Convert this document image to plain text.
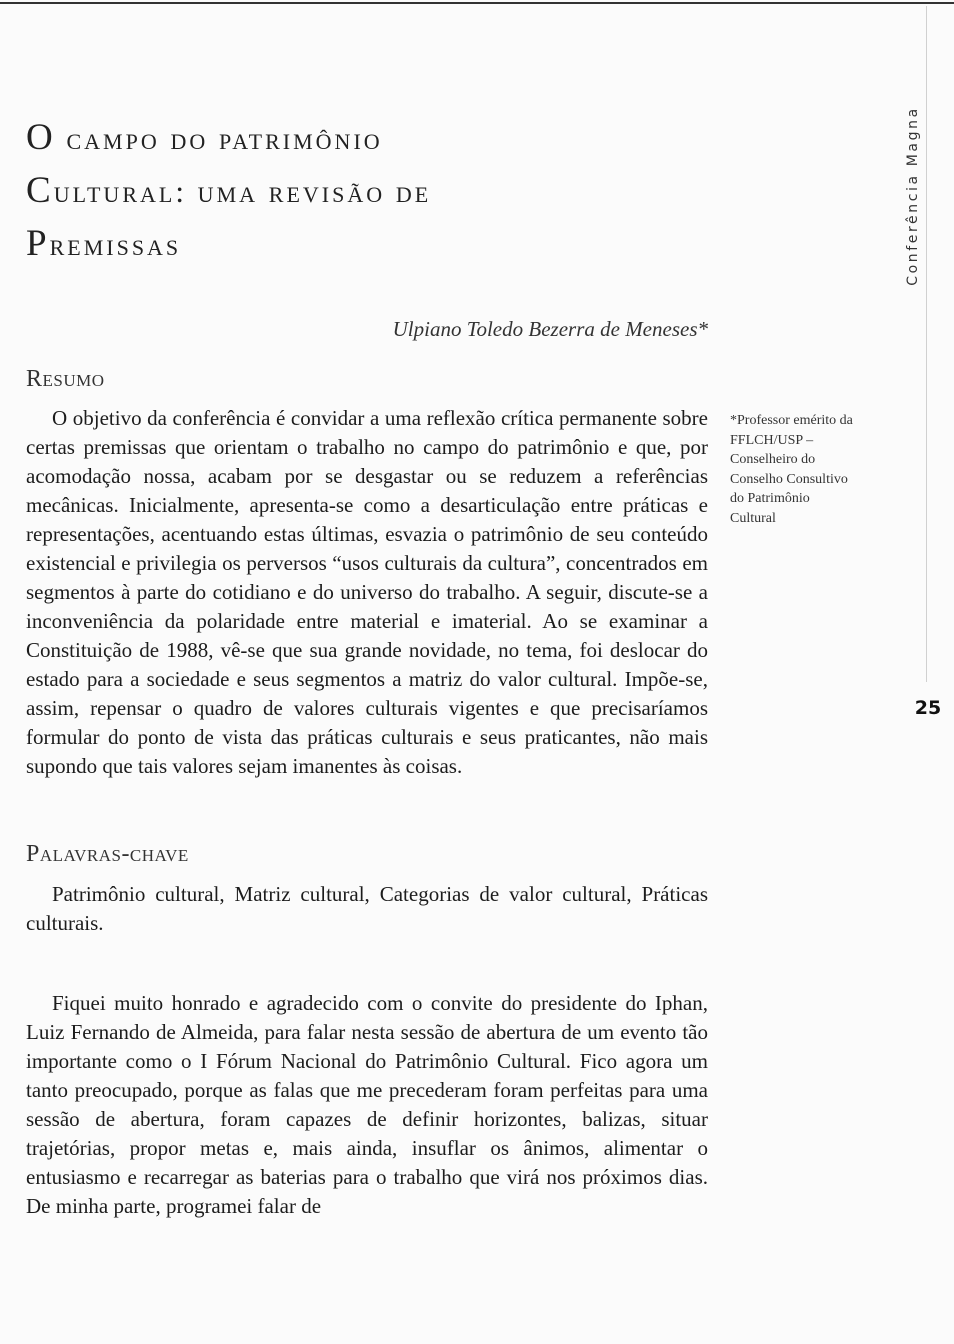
O campo do patrimônio
Cultural: uma revisão de
Premissas
Ulpiano Toledo Bezerra de Meneses*
Resumo

O objetivo da conferência é convidar a uma reflexão crítica permanente sobre certas premissas que orientam o trabalho no campo do patrimônio e que, por acomodação nossa, acabam por se desgastar ou se reduzem a referências mecânicas. Inicialmente, apresenta-se como a desarticulação entre práticas e representações, acentuando estas últimas, esvazia o patrimônio de seu conteúdo existencial e privilegia os perversos “usos culturais da cultura”, concentrados em segmentos à parte do cotidiano e do universo do trabalho. A seguir, discute-se a inconveniência da polaridade entre material e imaterial. Ao se examinar a Constituição de 1988, vê-se que sua grande novidade, no tema, foi deslocar do estado para a sociedade e seus segmentos a matriz do valor cultural. Impõe-se, assim, repensar o quadro de valores culturais vigentes e que precisaríamos formular do ponto de vista das práticas culturais e seus praticantes, não mais supondo que tais valores sejam imanentes às coisas.

Palavras-chave

Patrimônio cultural, Matriz cultural, Categorias de valor cultural, Práticas culturais.

Fiquei muito honrado e agradecido com o convite do presidente do Iphan, Luiz Fernando de Almeida, para falar nesta sessão de abertura de um evento tão importante como o I Fórum Nacional do Patrimônio Cultural. Fico agora um tanto preocupado, porque as falas que me precederam foram perfeitas para uma sessão de abertura, foram capazes de definir horizontes, balizas, situar trajetórias, propor metas e, mais ainda, insuflar os ânimos, alimentar o entusiasmo e recarregar as baterias para o trabalho que virá nos próximos dias. De minha parte, programei falar de

*Professor emérito da
FFLCH/USP –
Conselheiro do
Conselho Consultivo
do Patrimônio
Cultural
Conferência Magna
25
